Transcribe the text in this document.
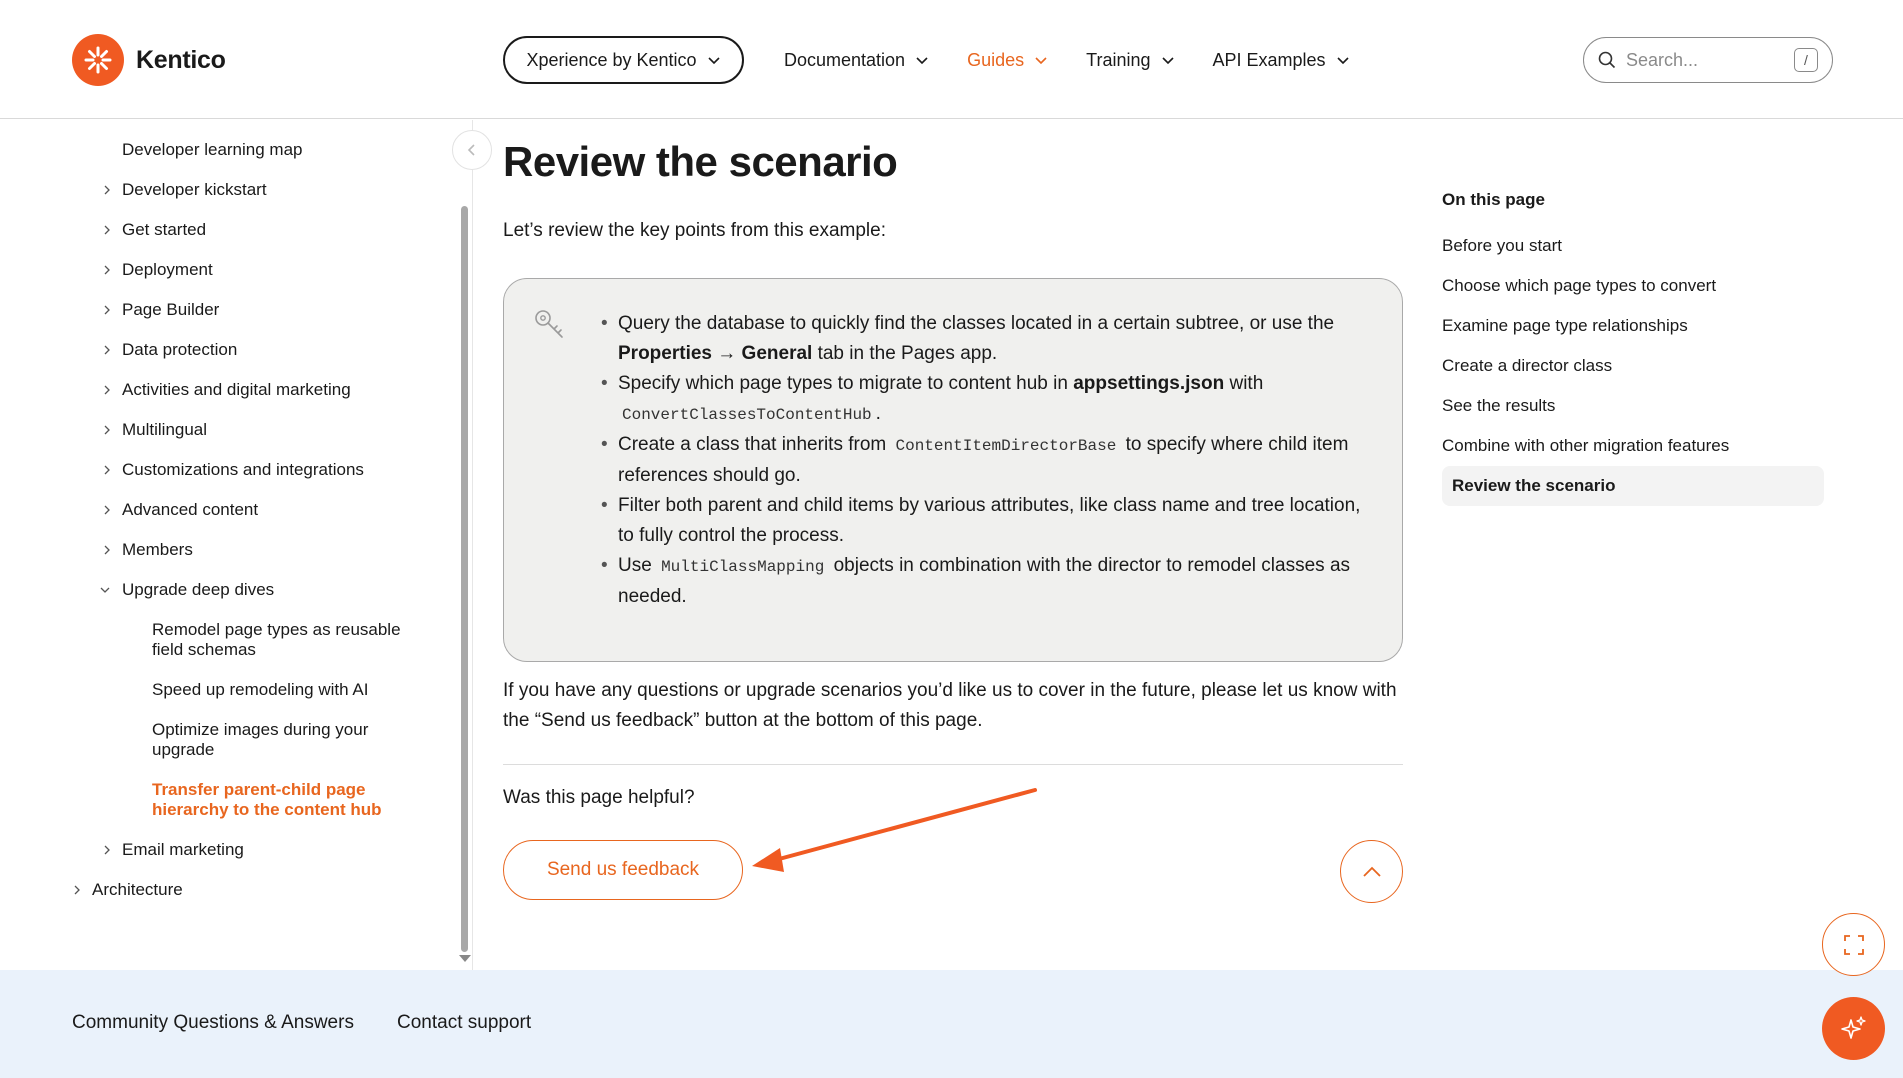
Kentico	Xperience by Kentico	Documentation	Guides	Training	API Examples
Search...	/
Developer learning map
Developer kickstart
Get started
Deployment
Page Builder
Data protection
Activities and digital marketing
Multilingual
Customizations and integrations
Advanced content
Members
Upgrade deep dives
Remodel page types as reusable field schemas
Speed up remodeling with AI
Optimize images during your upgrade
Transfer parent-child page hierarchy to the content hub
Email marketing
Architecture
Review the scenario

Let’s review the key points from this example:

• Query the database to quickly find the classes located in a certain subtree, or use the Properties → General tab in the Pages app.
• Specify which page types to migrate to content hub in appsettings.json with
ConvertClassesToContentHub .
• Create a class that inherits from ContentItemDirectorBase to specify where child item references should go.
• Filter both parent and child items by various attributes, like class name and tree location, to fully control the process.
• Use MultiClassMapping objects in combination with the director to remodel classes as needed.

If you have any questions or upgrade scenarios you’d like us to cover in the future, please let us know with the “Send us feedback” button at the bottom of this page.

Was this page helpful?

Send us feedback
On this page
Before you start
Choose which page types to convert
Examine page type relationships
Create a director class
See the results
Combine with other migration features
Review the scenario
Community Questions & Answers Contact support
